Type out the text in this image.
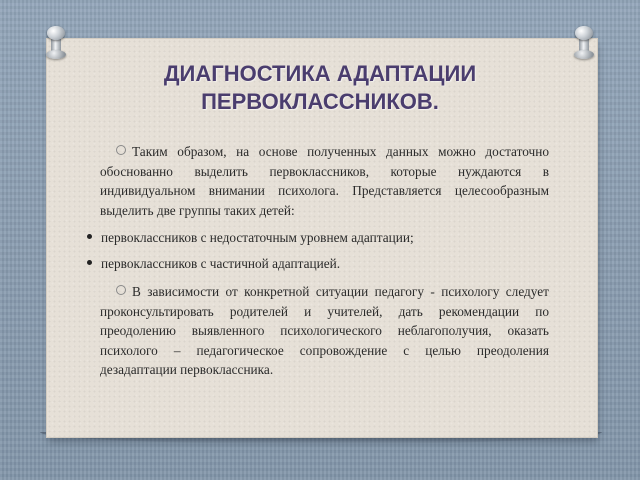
ДИАГНОСТИКА АДАПТАЦИИ
ПЕРВОКЛАССНИКОВ.
Таким образом, на основе полученных данных можно достаточно обоснованно выделить первоклассников, которые нуждаются в индивидуальном внимании психолога. Представляется целесообразным выделить две группы таких детей:
первоклассников с недостаточным уровнем адаптации;
первоклассников с частичной адаптацией.
В зависимости от конкретной ситуации педагогу - психологу следует проконсультировать родителей и учителей, дать рекомендации по преодолению выявленного психологического неблагополучия, оказать психолого – педагогическое сопровождение с целью преодоления дезадаптации первоклассника.
